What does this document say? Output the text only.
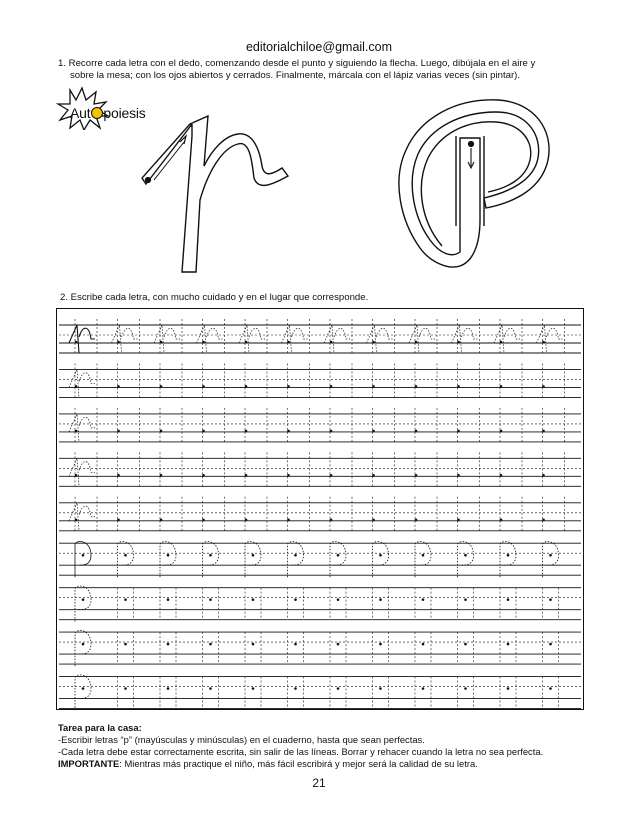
editorialchiloe@gmail.com
1. Recorre cada letra con el dedo, comenzando desde el punto y siguiendo la flecha. Luego, dibújala en el aire y
sobre la mesa; con los ojos abiertos y cerrados. Finalmente, márcala con el lápiz varias veces (sin pintar).
Aut poiesis
2. Escribe cada letra, con mucho cuidado y en el lugar que corresponde.
Tarea para la casa:
-Escribir letras “p” (mayúsculas y minúsculas) en el cuaderno, hasta que sean perfectas.
-Cada letra debe estar correctamente escrita, sin salir de las líneas. Borrar y rehacer cuando la letra no sea perfecta.
IMPORTANTE: Mientras más practique el niño, más fácil escribirá y mejor será la calidad de su letra.
21
